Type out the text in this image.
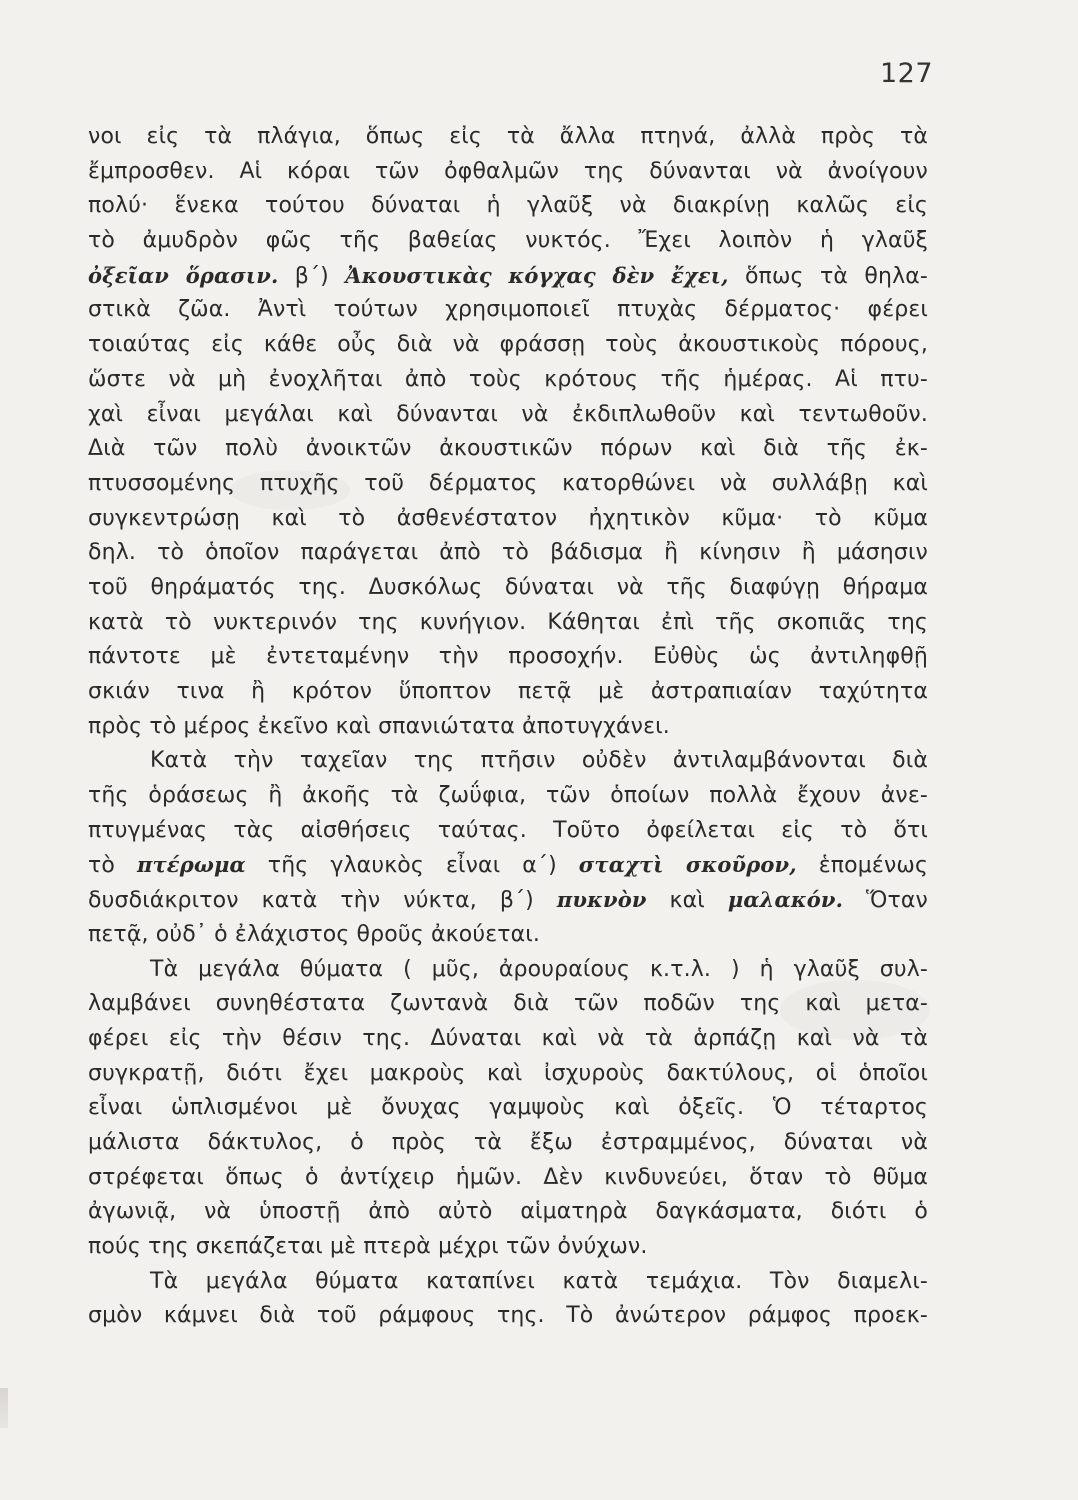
127
νοι εἰς τὰ πλάγια, ὅπως εἰς τὰ ἄλλα πτηνά, ἀλλὰ πρὸς τὰ
ἔμπροσθεν. Αἱ κόραι τῶν ὀφθαλμῶν της δύνανται νὰ ἀνοίγουν
πολύ· ἕνεκα τούτου δύναται ἡ γλαῦξ νὰ διακρίνῃ καλῶς εἰς
τὸ ἀμυδρὸν φῶς τῆς βαθείας νυκτός. Ἔχει λοιπὸν ἡ γλαῦξ
ὀξεῖαν ὅρασιν. β΄) Ἀκουστικὰς κόγχας δὲν ἔχει, ὅπως τὰ θηλα-
στικὰ ζῶα. Ἀντὶ τούτων χρησιμοποιεῖ πτυχὰς δέρματος· φέρει
τοιαύτας εἰς κάθε οὖς διὰ νὰ φράσσῃ τοὺς ἀκουστικοὺς πόρους,
ὥστε νὰ μὴ ἐνοχλῆται ἀπὸ τοὺς κρότους τῆς ἡμέρας. Αἱ πτυ-
χαὶ εἶναι μεγάλαι καὶ δύνανται νὰ ἐκδιπλωθοῦν καὶ τεντωθοῦν.
Διὰ τῶν πολὺ ἀνοικτῶν ἀκουστικῶν πόρων καὶ διὰ τῆς ἐκ-
πτυσσομένης πτυχῆς τοῦ δέρματος κατορθώνει νὰ συλλάβῃ καὶ
συγκεντρώσῃ καὶ τὸ ἀσθενέστατον ἠχητικὸν κῦμα· τὸ κῦμα
δηλ. τὸ ὁποῖον παράγεται ἀπὸ τὸ βάδισμα ἢ κίνησιν ἢ μάσησιν
τοῦ θηράματός της. Δυσκόλως δύναται νὰ τῆς διαφύγῃ θήραμα
κατὰ τὸ νυκτερινόν της κυνήγιον. Κάθηται ἐπὶ τῆς σκοπιᾶς της
πάντοτε μὲ ἐντεταμένην τὴν προσοχήν. Εὐθὺς ὡς ἀντιληφθῇ
σκιάν τινα ἢ κρότον ὕποπτον πετᾷ μὲ ἀστραπιαίαν ταχύτητα
πρὸς τὸ μέρος ἐκεῖνο καὶ σπανιώτατα ἀποτυγχάνει.
Κατὰ τὴν ταχεῖαν της πτῆσιν οὐδὲν ἀντιλαμβάνονται διὰ
τῆς ὁράσεως ἢ ἀκοῆς τὰ ζωΰφια, τῶν ὁποίων πολλὰ ἔχουν ἀνε-
πτυγμένας τὰς αἰσθήσεις ταύτας. Τοῦτο ὀφείλεται εἰς τὸ ὅτι
τὸ πτέρωμα τῆς γλαυκὸς εἶναι α΄) σταχτὶ σκοῦρον, ἑπομένως
δυσδιάκριτον κατὰ τὴν νύκτα, β΄) πυκνὸν καὶ μαλακόν. Ὅταν
πετᾷ, οὐδ᾽ ὁ ἐλάχιστος θροῦς ἀκούεται.
Τὰ μεγάλα θύματα ( μῦς, ἀρουραίους κ.τ.λ. ) ἡ γλαῦξ συλ-
λαμβάνει συνηθέστατα ζωντανὰ διὰ τῶν ποδῶν της καὶ μετα-
φέρει εἰς τὴν θέσιν της. Δύναται καὶ νὰ τὰ ἁρπάζῃ καὶ νὰ τὰ
συγκρατῇ, διότι ἔχει μακροὺς καὶ ἰσχυροὺς δακτύλους, οἱ ὁποῖοι
εἶναι ὡπλισμένοι μὲ ὄνυχας γαμψοὺς καὶ ὀξεῖς. Ὁ τέταρτος
μάλιστα δάκτυλος, ὁ πρὸς τὰ ἔξω ἐστραμμένος, δύναται νὰ
στρέφεται ὅπως ὁ ἀντίχειρ ἡμῶν. Δὲν κινδυνεύει, ὅταν τὸ θῦμα
ἀγωνιᾷ, νὰ ὑποστῇ ἀπὸ αὐτὸ αἱματηρὰ δαγκάσματα, διότι ὁ
πούς της σκεπάζεται μὲ πτερὰ μέχρι τῶν ὀνύχων.
Τὰ μεγάλα θύματα καταπίνει κατὰ τεμάχια. Τὸν διαμελι-
σμὸν κάμνει διὰ τοῦ ράμφους της. Τὸ ἀνώτερον ράμφος προεκ-
